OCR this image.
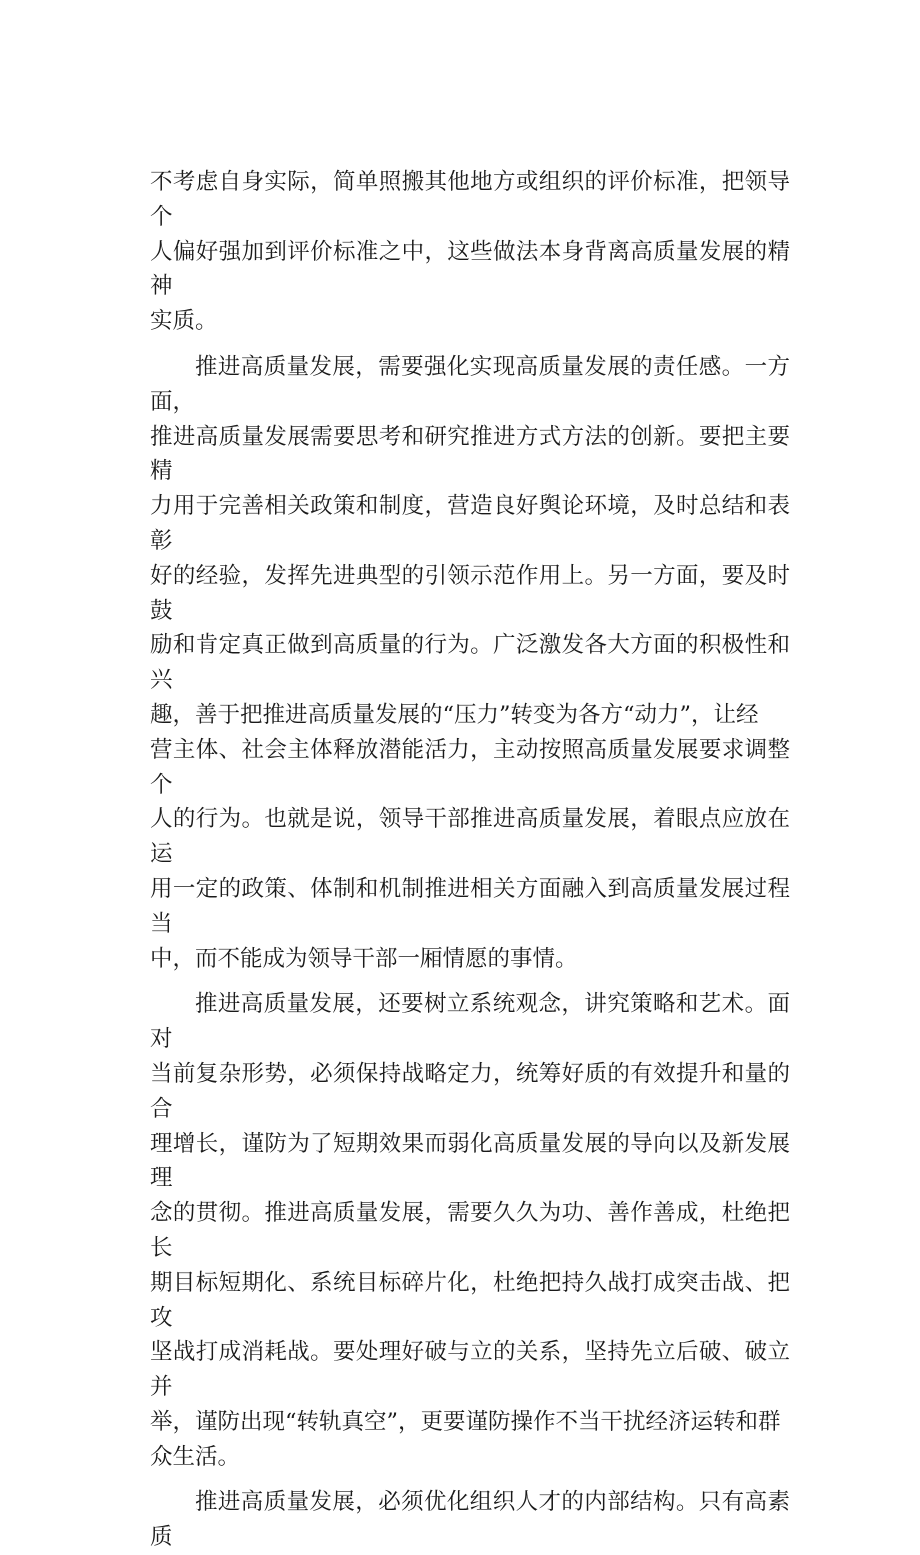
不考虑自身实际，简单照搬其他地方或组织的评价标准，把领导个
人偏好强加到评价标准之中，这些做法本身背离高质量发展的精神
实质。

推进高质量发展，需要强化实现高质量发展的责任感。一方面，
推进高质量发展需要思考和研究推进方式方法的创新。要把主要精
力用于完善相关政策和制度，营造良好舆论环境，及时总结和表彰
好的经验，发挥先进典型的引领示范作用上。另一方面，要及时鼓
励和肯定真正做到高质量的行为。广泛激发各大方面的积极性和兴
趣，善于把推进高质量发展的“压力”转变为各方“动力”，让经
营主体、社会主体释放潜能活力，主动按照高质量发展要求调整个
人的行为。也就是说，领导干部推进高质量发展，着眼点应放在运
用一定的政策、体制和机制推进相关方面融入到高质量发展过程当
中，而不能成为领导干部一厢情愿的事情。

推进高质量发展，还要树立系统观念，讲究策略和艺术。面对
当前复杂形势，必须保持战略定力，统筹好质的有效提升和量的合
理增长，谨防为了短期效果而弱化高质量发展的导向以及新发展理
念的贯彻。推进高质量发展，需要久久为功、善作善成，杜绝把长
期目标短期化、系统目标碎片化，杜绝把持久战打成突击战、把攻
坚战打成消耗战。要处理好破与立的关系，坚持先立后破、破立并
举，谨防出现“转轨真空”，更要谨防操作不当干扰经济运转和群
众生活。

推进高质量发展，必须优化组织人才的内部结构。只有高素质
